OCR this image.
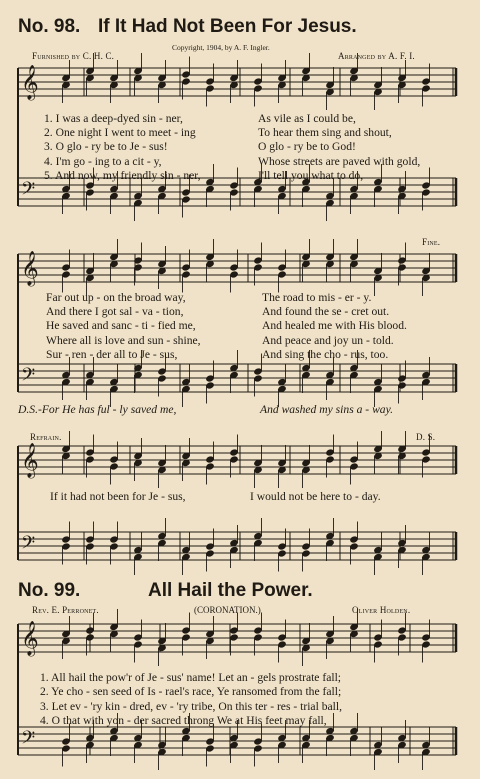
𝄞
𝄢
𝄞
𝄢
𝄞
𝄢
𝄞
𝄢
No. 98. If It Had Not Been For Jesus.
Furnished by C. H. C.
Copyright, 1904, by A. F. Ingler.
Arranged by A. F. I.
1. I was a deep-dyed sin - ner,
2. One night I went to meet - ing
3. O glo - ry be to Je - sus!
4. I'm go - ing to a cit - y,
5. And now, my friendly sin - ner,
As vile as I could be,
To hear them sing and shout,
O glo - ry be to God!
Whose streets are paved with gold,
I'll tell you what to do,
Fine.
Far out up - on the broad way,
And there I got sal - va - tion,
He saved and sanc - ti - fied me,
Where all is love and sun - shine,
Sur - ren - der all to Je - sus,
The road to mis - er - y.
And found the se - cret out.
And healed me with His blood.
And peace and joy un - told.
And sing the cho - rus, too.
D.S.-For He has ful - ly saved me,	And washed my sins a - way.
Refrain.	D. S.
If it had not been for Je - sus,	I would not be here to - day.
No. 99.	All Hail the Power.
Rev. E. Perronet.	(CORONATION.)	Oliver Holden.
1. All hail the pow'r of Je - sus' name! Let an - gels prostrate fall;
2. Ye cho - sen seed of Is - rael's race, Ye ransomed from the fall;
3. Let ev - 'ry kin - dred, ev - 'ry tribe, On this ter - res - trial ball,
4. O that with yon - der sacred throng We at His feet may fall,
